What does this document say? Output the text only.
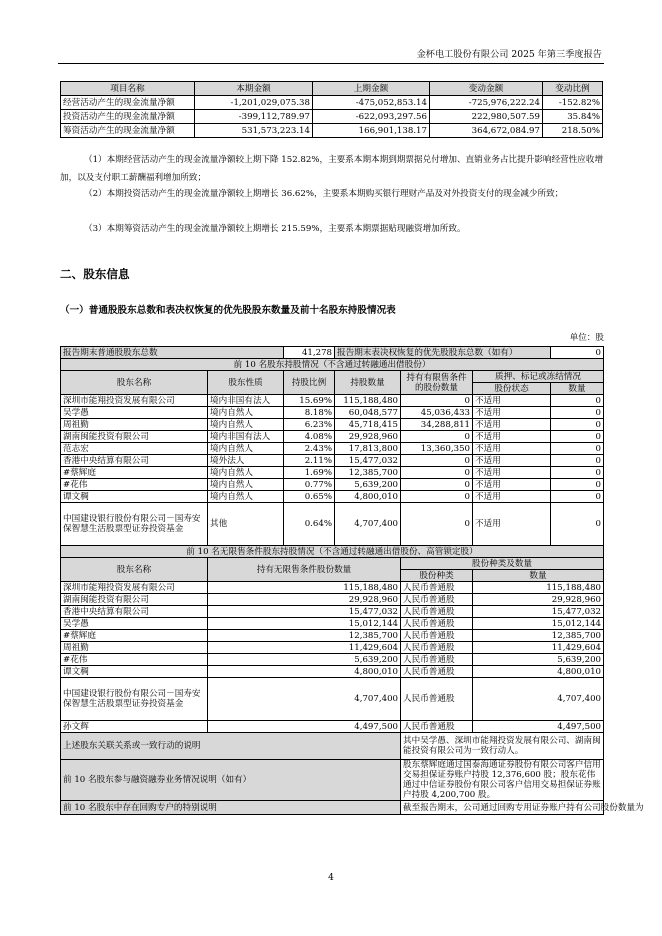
金杯电工股份有限公司 2025 年第三季度报告
项目名称	本期金额	上期金额	变动金额	变动比例
经营活动产生的现金流量净额	-1,201,029,075.38	-475,052,853.14	-725,976,222.24	-152.82%
投资活动产生的现金流量净额	-399,112,789.97	-622,093,297.56	222,980,507.59	35.84%
筹资活动产生的现金流量净额	531,573,223.14	166,901,138.17	364,672,084.97	218.50%
（1）本期经营活动产生的现金流量净额较上期下降 152.82%，主要系本期本期到期票据兑付增加、直销业务占比提升影响经营性应收增加，以及支付职工薪酬福利增加所致；
（2）本期投资活动产生的现金流量净额较上期增长 36.62%，主要系本期购买银行理财产品及对外投资支付的现金减少所致；
（3）本期筹资活动产生的现金流量净额较上期增长 215.59%，主要系本期票据贴现融资增加所致。
二、股东信息
（一）普通股股东总数和表决权恢复的优先股股东数量及前十名股东持股情况表
单位：股
报告期末普通股股东总数		41,278	报告期末表决权恢复的优先股股东总数（如有）			0
前 10 名股东持股情况（不含通过转融通出借股份）						
股东名称	股东性质	持股比例	持股数量	持有有限售条件的股份数量	质押、标记或冻结情况	
					股份状态	数量
深圳市能翔投资发展有限公司	境内非国有法人	15.69%	115,188,480	0	不适用	0
吴学愚	境内自然人	8.18%	60,048,577	45,036,433	不适用	0
周祖勤	境内自然人	6.23%	45,718,415	34,288,811	不适用	0
湖南闽能投资有限公司	境内非国有法人	4.08%	29,928,960	0	不适用	0
范志宏	境内自然人	2.43%	17,813,800	13,360,350	不适用	0
香港中央结算有限公司	境外法人	2.11%	15,477,032	0	不适用	0
#蔡辉庭	境内自然人	1.69%	12,385,700	0	不适用	0
#花伟	境内自然人	0.77%	5,639,200	0	不适用	0
谭文稠	境内自然人	0.65%	4,800,010	0	不适用	0
中国建设银行股份有限公司－国寿安保智慧生活股票型证券投资基金	其他	0.64%	4,707,400	0	不适用	0
前 10 名无限售条件股东持股情况（不含通过转融通出借股份、高管锁定股）						
股东名称	持有无限售条件股份数量			股份种类及数量		
				股份种类	数量	
深圳市能翔投资发展有限公司	115,188,480			人民币普通股	115,188,480	
湖南闽能投资有限公司	29,928,960			人民币普通股	29,928,960	
香港中央结算有限公司	15,477,032			人民币普通股	15,477,032	
吴学愚	15,012,144			人民币普通股	15,012,144	
#蔡辉庭	12,385,700			人民币普通股	12,385,700	
周祖勤	11,429,604			人民币普通股	11,429,604	
#花伟	5,639,200			人民币普通股	5,639,200	
谭文稠	4,800,010			人民币普通股	4,800,010	
中国建设银行股份有限公司－国寿安保智慧生活股票型证券投资基金	4,707,400			人民币普通股	4,707,400	
孙文辉	4,497,500			人民币普通股	4,497,500	
上述股东关联关系或一致行动的说明				其中吴学愚、深圳市能翔投资发展有限公司、湖南闽能投资有限公司为一致行动人。		
前 10 名股东参与融资融券业务情况说明（如有）				股东蔡辉庭通过国泰海通证券股份有限公司客户信用交易担保证券账户持股 12,376,600 股；股东花伟通过中信证券股份有限公司客户信用交易担保证券账户持股 4,200,700 股。		
前 10 名股东中存在回购专户的特别说明				截至报告期末，公司通过回购专用证券账户持有公司股份数量为		
4
